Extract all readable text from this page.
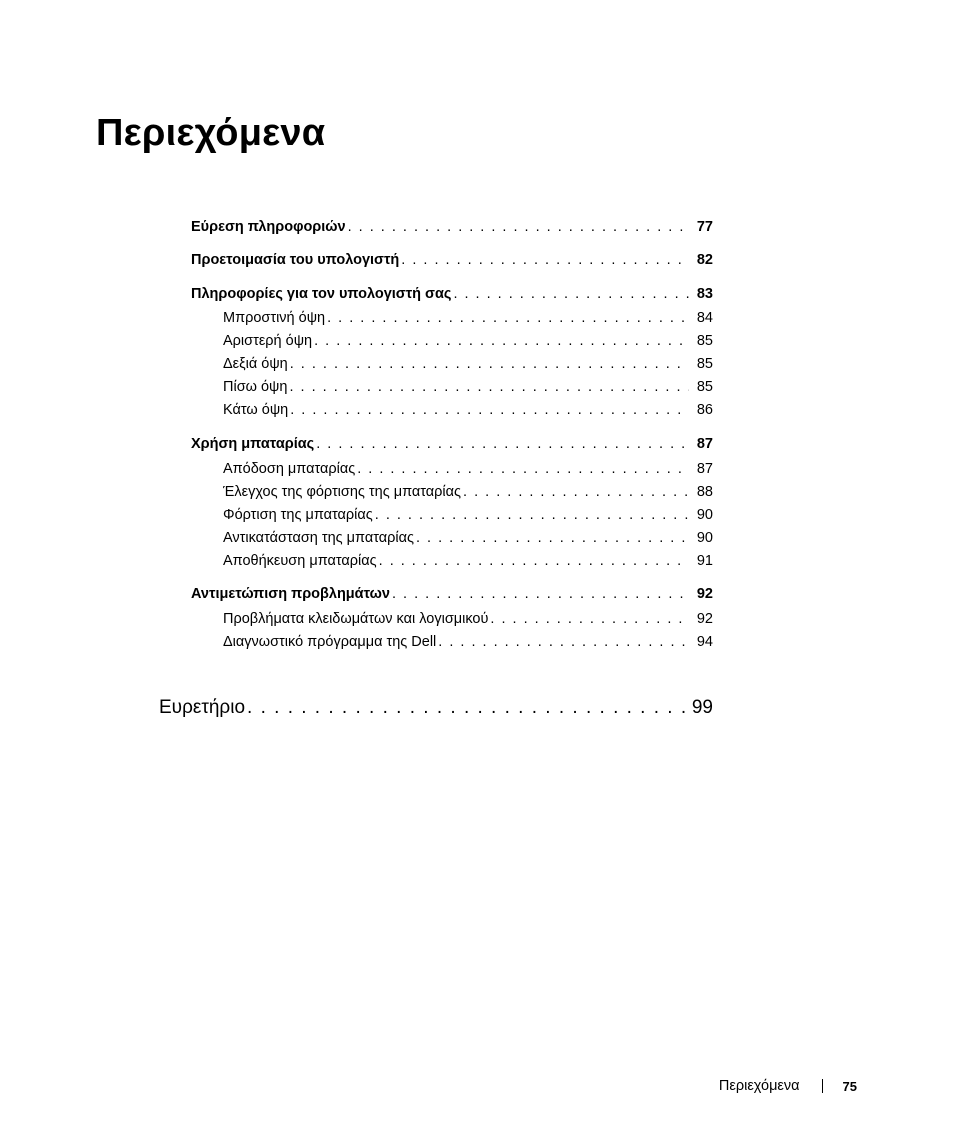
Περιεχόμενα
Εύρεση πληροφοριών . . .	77
Προετοιμασία του υπολογιστή . . .	82
Πληροφορίες για τον υπολογιστή σας . . .	83
Μπροστινή όψη . . .	84
Αριστερή όψη . . .	85
Δεξιά όψη . . .	85
Πίσω όψη . . .	85
Κάτω όψη . . .	86
Χρήση μπαταρίας . . .	87
Απόδοση μπαταρίας . . .	87
Έλεγχος της φόρτισης της μπαταρίας . . .	88
Φόρτιση της μπαταρίας . . .	90
Αντικατάσταση της μπαταρίας . . .	90
Αποθήκευση μπαταρίας . . .	91
Αντιμετώπιση προβλημάτων . . .	92
Προβλήματα κλειδωμάτων και λογισμικού . . .	92
Διαγνωστικό πρόγραμμα της Dell . . .	94
Ευρετήριο . . .	99
Περιεχόμενα	75
